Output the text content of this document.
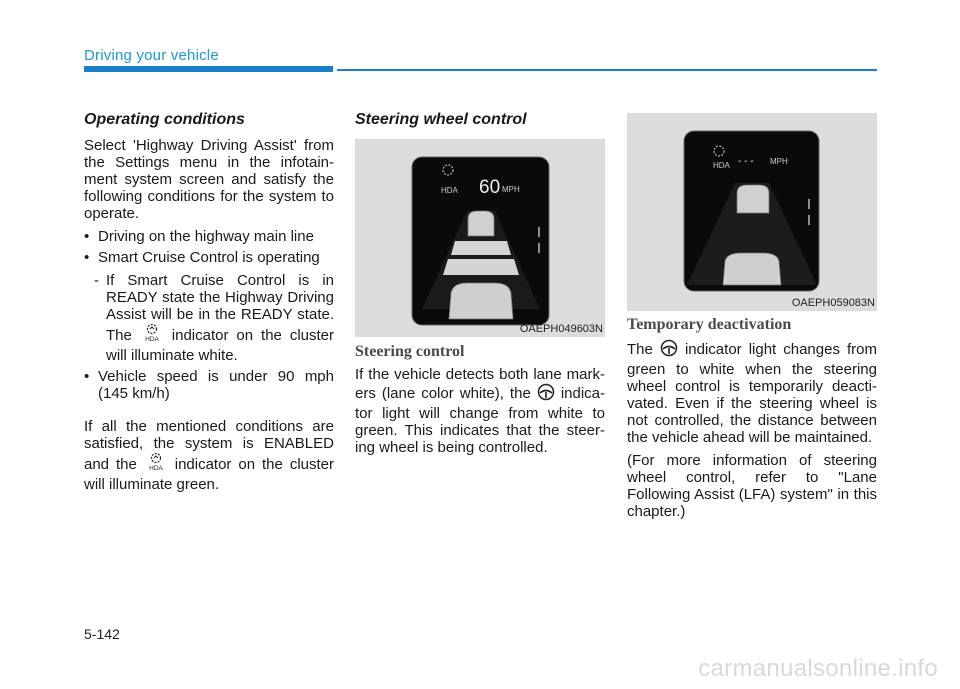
Driving your vehicle
Operating conditions

Select 'Highway Driving Assist' from the Settings menu in the infotain-ment system screen and satisfy the following conditions for the system to operate.

• Driving on the highway main line
• Smart Cruise Control is operating
- If Smart Cruise Control is in READY state the Highway Driving Assist will be in the READY state. The HDA indicator on the cluster will illuminate white.
• Vehicle speed is under 90 mph (145 km/h)

If all the mentioned conditions are satisfied, the system is ENABLED and the HDA indicator on the cluster will illuminate green.

Steering wheel control
HDA 60 MPH
OAEPH049603N
Steering control

If the vehicle detects both lane mark-ers (lane color white), the indica-tor light will change from white to green. This indicates that the steer-ing wheel is being controlled.

HDA - - - MPH
OAEPH059083N
Temporary deactivation

The indicator light changes from green to white when the steering wheel control is temporarily deacti-vated. Even if the steering wheel is not controlled, the distance between the vehicle ahead will be maintained.

(For more information of steering wheel control, refer to "Lane Following Assist (LFA) system" in this chapter.)

5-142
carmanualsonline.info
